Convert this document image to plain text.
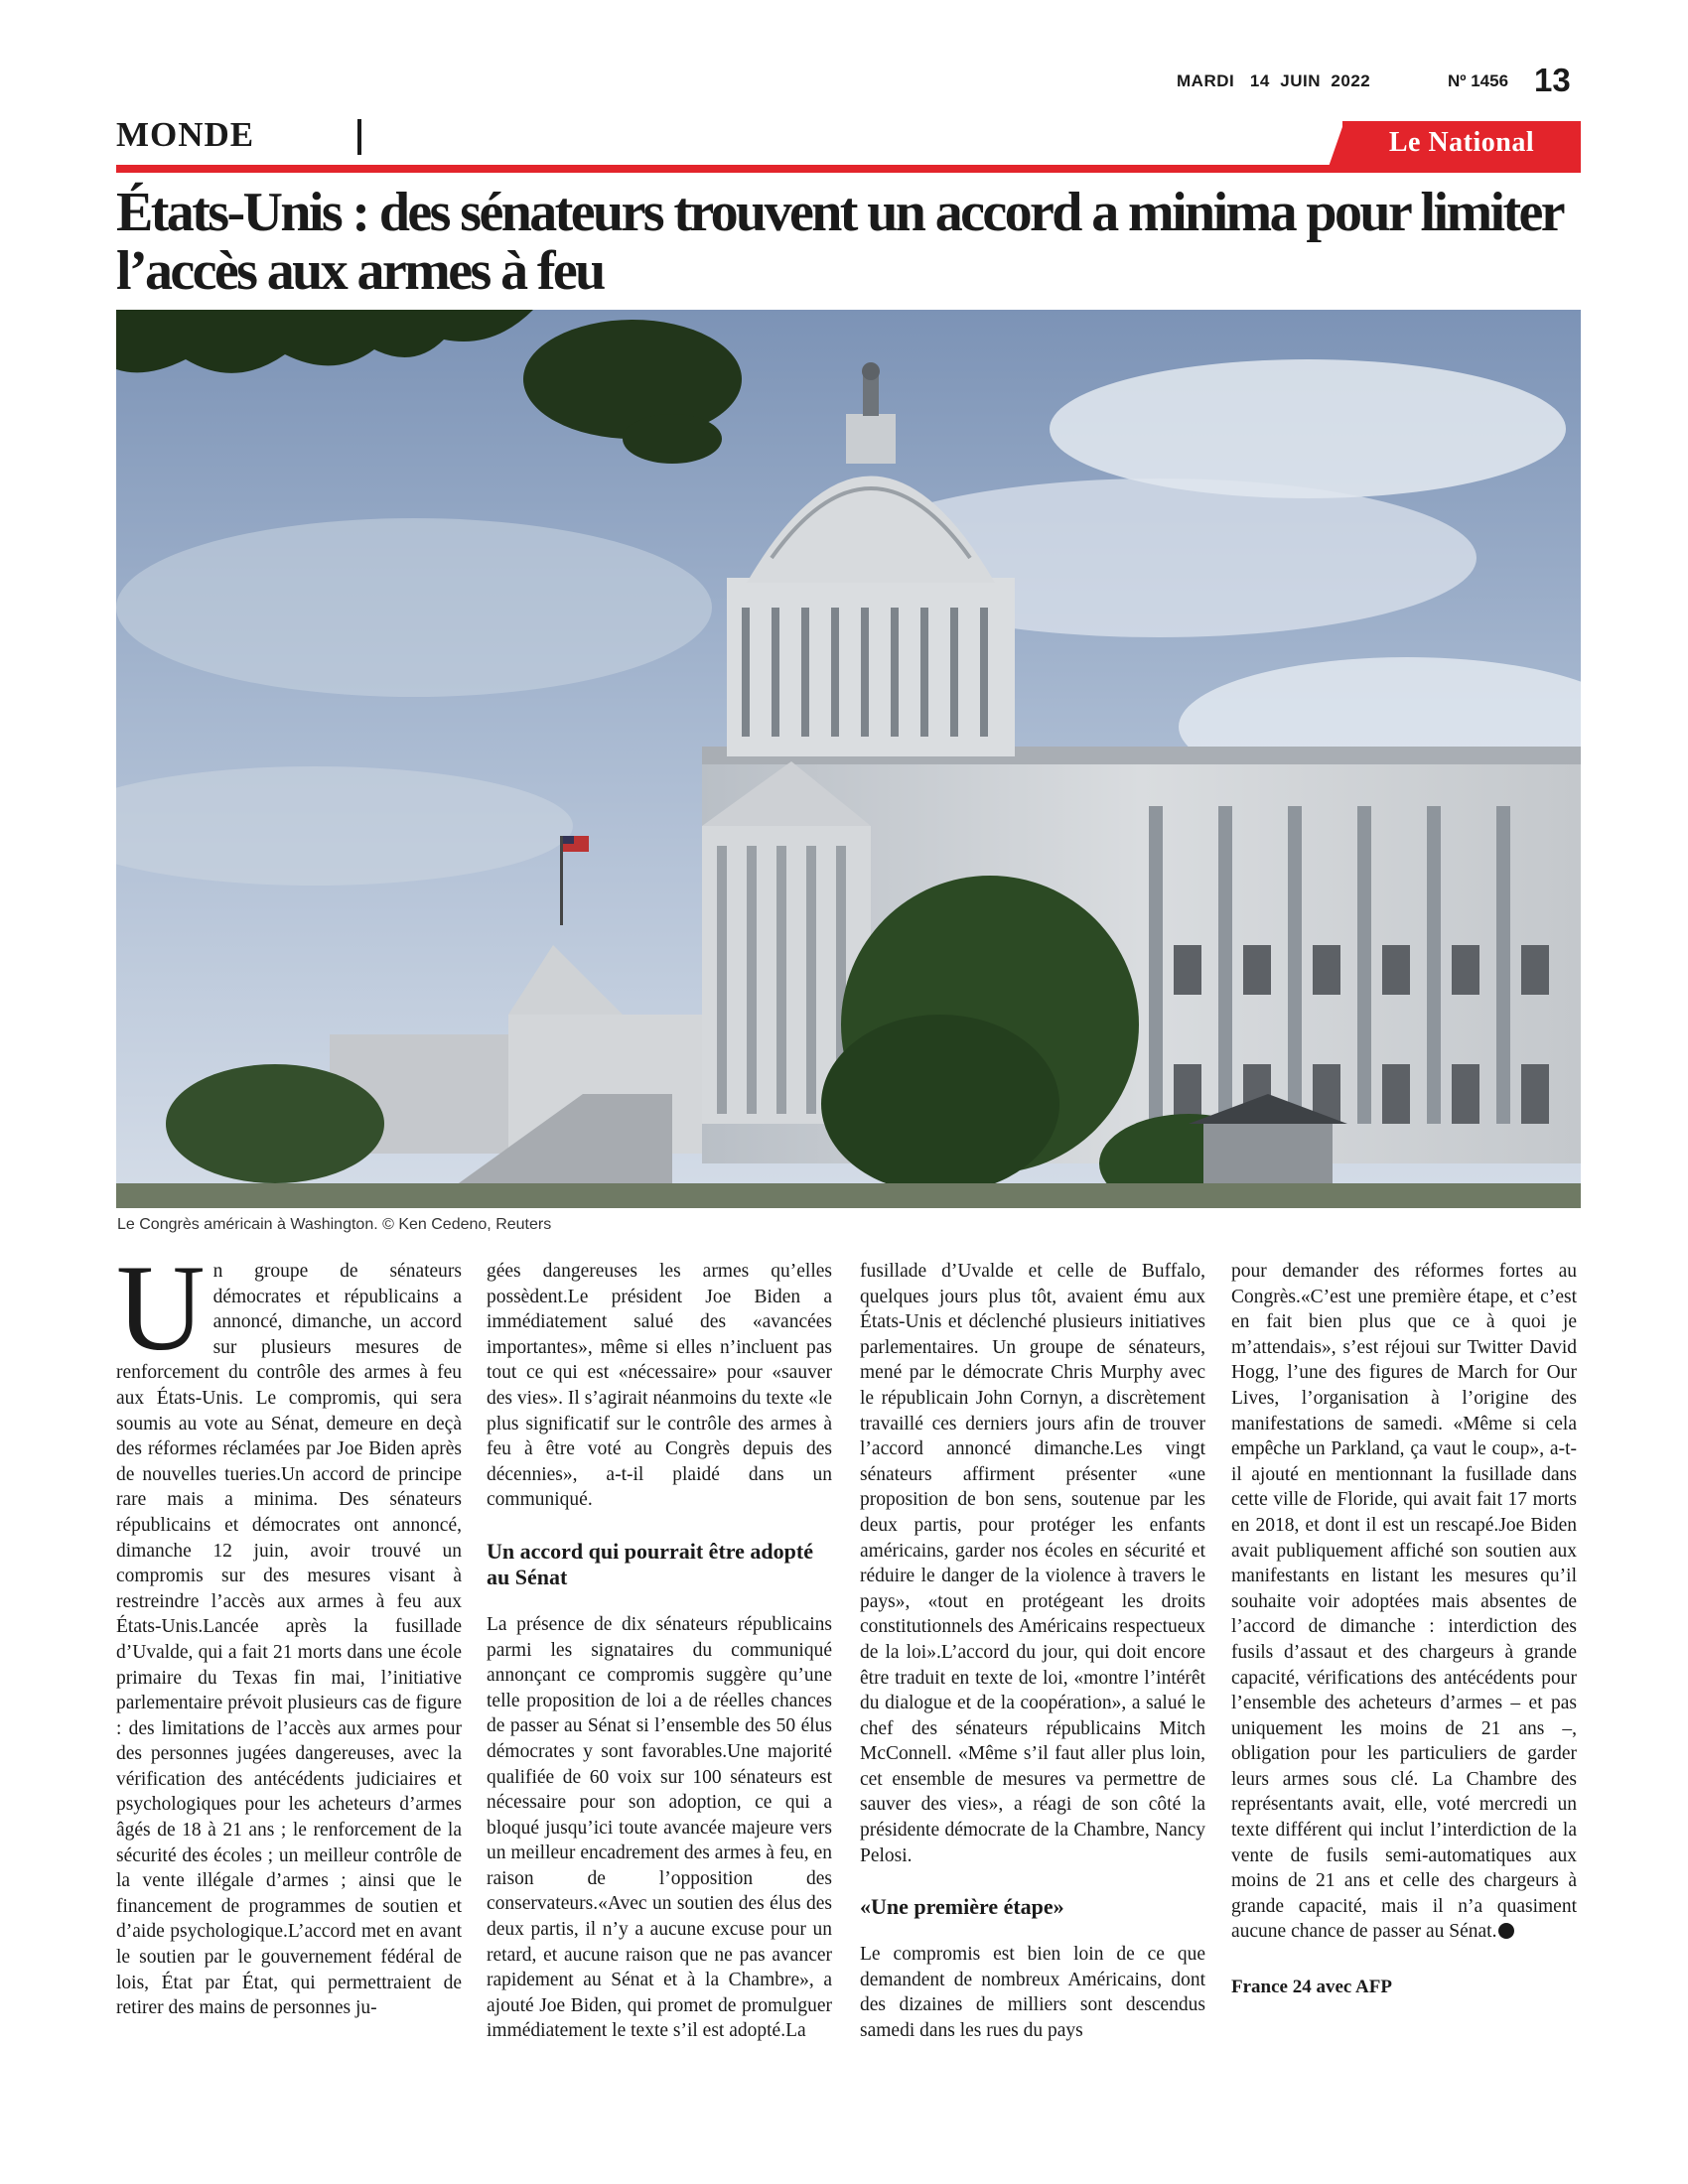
MARDI   14  JUIN  2022	Nº 1456 13
MONDE	Le National
États-Unis : des sénateurs trouvent un accord a minima pour limiter l’accès aux armes à feu
Le Congrès américain à Washington. © Ken Cedeno, Reuters

Un groupe de sénateurs démocrates et républicains a annoncé, dimanche, un accord sur plusieurs mesures de renforcement du contrôle des armes à feu aux États-Unis. Le compromis, qui sera soumis au vote au Sénat, demeure en deçà des réformes réclamées par Joe Biden après de nouvelles tueries.Un accord de principe rare mais a minima. Des sénateurs républicains et démocrates ont annoncé, dimanche 12 juin, avoir trouvé un compromis sur des mesures visant à restreindre l’accès aux armes à feu aux États-Unis.Lancée après la fusillade d’Uvalde, qui a fait 21 morts dans une école primaire du Texas fin mai, l’initiative parlementaire prévoit plusieurs cas de figure : des limitations de l’accès aux armes pour des personnes jugées dangereuses, avec la vérification des antécédents judiciaires et psychologiques pour les acheteurs d’armes âgés de 18 à 21 ans ; le renforcement de la sécurité des écoles ; un meilleur contrôle de la vente illégale d’armes ; ainsi que le financement de programmes de soutien et d’aide psychologique.L’accord met en avant le soutien par le gouvernement fédéral de lois, État par État, qui permettraient de retirer des mains de personnes ju-

gées dangereuses les armes qu’elles possèdent.Le président Joe Biden a immédiatement salué des «avancées importantes», même si elles n’incluent pas tout ce qui est «nécessaire» pour «sauver des vies». Il s’agirait néanmoins du texte «le plus significatif sur le contrôle des armes à feu à être voté au Congrès depuis des décennies», a-t-il plaidé dans un communiqué.

Un accord qui pourrait être adopté au Sénat

La présence de dix sénateurs républicains parmi les signataires du communiqué annonçant ce compromis suggère qu’une telle proposition de loi a de réelles chances de passer au Sénat si l’ensemble des 50 élus démocrates y sont favorables.Une majorité qualifiée de 60 voix sur 100 sénateurs est nécessaire pour son adoption, ce qui a bloqué jusqu’ici toute avancée majeure vers un meilleur encadrement des armes à feu, en raison de l’opposition des conservateurs.«Avec un soutien des élus des deux partis, il n’y a aucune excuse pour un retard, et aucune raison que ne pas avancer rapidement au Sénat et à la Chambre», a ajouté Joe Biden, qui promet de promulguer immédiatement le texte s’il est adopté.La

fusillade d’Uvalde et celle de Buffalo, quelques jours plus tôt, avaient ému aux États-Unis et déclenché plusieurs initiatives parlementaires. Un groupe de sénateurs, mené par le démocrate Chris Murphy avec le républicain John Cornyn, a discrètement travaillé ces derniers jours afin de trouver l’accord annoncé dimanche.Les vingt sénateurs affirment présenter «une proposition de bon sens, soutenue par les deux partis, pour protéger les enfants américains, garder nos écoles en sécurité et réduire le danger de la violence à travers le pays», «tout en protégeant les droits constitutionnels des Américains respectueux de la loi».L’accord du jour, qui doit encore être traduit en texte de loi, «montre l’intérêt du dialogue et de la coopération», a salué le chef des sénateurs républicains Mitch McConnell. «Même s’il faut aller plus loin, cet ensemble de mesures va permettre de sauver des vies», a réagi de son côté la présidente démocrate de la Chambre, Nancy Pelosi.

«Une première étape»

Le compromis est bien loin de ce que demandent de nombreux Américains, dont des dizaines de milliers sont descendus samedi dans les rues du pays

pour demander des réformes fortes au Congrès.«C’est une première étape, et c’est en fait bien plus que ce à quoi je m’attendais», s’est réjoui sur Twitter David Hogg, l’une des figures de March for Our Lives, l’organisation à l’origine des manifestations de samedi. «Même si cela empêche un Parkland, ça vaut le coup», a-t-il ajouté en mentionnant la fusillade dans cette ville de Floride, qui avait fait 17 morts en 2018, et dont il est un rescapé.Joe Biden avait publiquement affiché son soutien aux manifestants en listant les mesures qu’il souhaite voir adoptées mais absentes de l’accord de dimanche : interdiction des fusils d’assaut et des chargeurs à grande capacité, vérifications des antécédents pour l’ensemble des acheteurs d’armes – et pas uniquement les moins de 21 ans –, obligation pour les particuliers de garder leurs armes sous clé. La Chambre des représentants avait, elle, voté mercredi un texte différent qui inclut l’interdiction de la vente de fusils semi-automatiques aux moins de 21 ans et celle des chargeurs à grande capacité, mais il n’a quasiment aucune chance de passer au Sénat.

France 24 avec AFP
